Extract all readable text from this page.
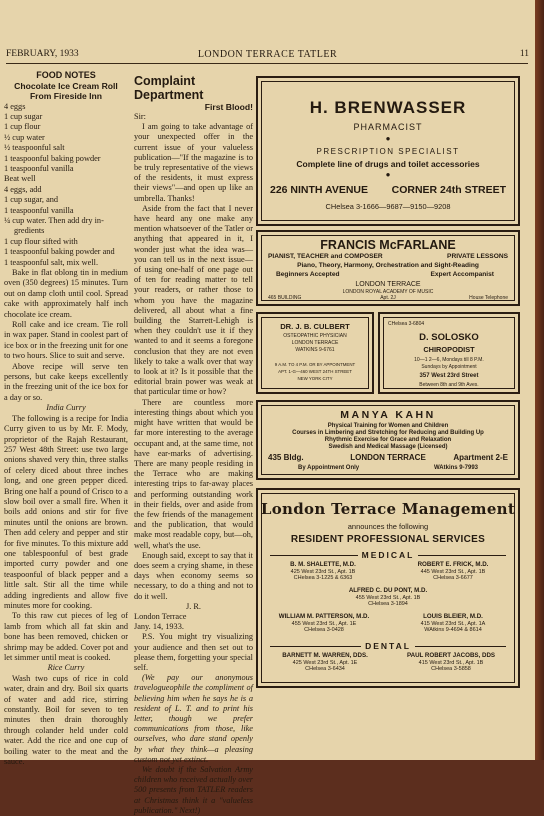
FEBRUARY, 1933	LONDON TERRACE TATLER	11
FOOD NOTES
Chocolate Ice Cream Roll From Fireside Inn
4 eggs
1 cup sugar
1 cup flour
½ cup water
½ teaspoonful salt
1 teaspoonful baking powder
1 teaspoonful vanilla
Beat well
4 eggs, add
1 cup sugar, and
1 teaspoonful vanilla
¼ cup water. Then add dry in-
gredients
1 cup flour sifted with
1 teaspoonful baking powder and
1 teaspoonful salt, mix well.

Bake in flat oblong tin in medium oven (350 degrees) 15 minutes. Turn out on damp cloth until cool. Spread cake with approximately half inch chocolate ice cream.

Roll cake and ice cream. Tie roll in wax paper. Stand in coolest part of ice box or in the freezing unit for one to two hours. Slice to suit and serve.

Above recipe will serve ten persons, but cake keeps excellently in the freezing unit of the ice box for a day or so.

India Curry

The following is a recipe for India Curry given to us by Mr. F. Mody, proprietor of the Rajah Restaurant, 257 West 48th Street: use two large onions shaved very thin, three stalks of celery diced about three inches long, and one green pepper diced. Bring one half a pound of Crisco to a slow boil over a small fire. When it boils add onions and stir for five minutes until the onions are brown. Then add celery and pepper and stir for five minutes. To this mixture add one tablespoonful of best grade imported curry powder and one teaspoonful of black pepper and a little salt. Stir all the time while adding ingredients and allow five minutes more for cooking.

To this raw cut pieces of leg of lamb from which all fat skin and bone has been removed, chicken or shrimp may be added. Cover pot and let simmer until meat is cooked.

Rice Curry

Wash two cups of rice in cold water, drain and dry. Boil six quarts of water and add rice, stirring constantly. Boil for seven to ten minutes then drain thoroughly through colander held under cold water. Add the rice and one cup of boiling water to the meat and the sauce.

Complaint Department
First Blood!
Sir:

I am going to take advantage of your unexpected offer in the current issue of your valueless publication—"If the magazine is to be truly representative of the views of the residents, it must express their views"—and open up like an umbrella. Thanks!

Aside from the fact that I never have heard any one make any mention whatsoever of the Tatler or anything that appeared in it, I wonder just what the idea was—you can tell us in the next issue—of using one-half of one page out of ten for reading matter to tell your readers, or rather those to whom you have the magazine delivered, all about what a fine building the Starrett-Lehigh is when they couldn't use it if they wanted to and it seems a foregone conclusion that they are not even likely to take a walk over that way to look at it? Is it possible that the editorial brain power was weak at that particular time or how?

There are countless more interesting things about which you might have written that would be far more interesting to the average occupant and, at the same time, not have ear-marks of advertising. There are many people residing in the Terrace who are making interesting trips to far-away places and performing outstanding work in their fields, over and aside from the few friends of the management and the publication, that would make most readable copy, but—oh, well, what's the use.

Enough said, except to say that it does seem a crying shame, in these days when economy seems so necessary, to do a thing and not to do it well.

J. R.
London Terrace
Jany. 14, 1933.

P.S. You might try visualizing your audience and then set out to please them, forgetting your special self.

(We pay our anonymous travelogueophile the compliment of believing him when he says he is a resident of L. T. and to print his letter, though we prefer communications from those, like ourselves, who dare stand openly by what they think—a pleasing custom not yet extinct.

We doubt if the Salvation Army children who received actually over 500 presents from TATLER readers at Christmas think it a "valueless publication." Next!)

H. BRENWASSER
PHARMACIST
●
PRESCRIPTION SPECIALIST
Complete line of drugs and toilet accessories
●
226 NINTH AVENUE CORNER 24th STREET
CHelsea 3-1666—9687—9150—9208
FRANCIS McFARLANE
PIANIST, TEACHER and COMPOSER	PRIVATE LESSONS
Piano, Theory, Harmony, Orchestration and Sight-Reading
Beginners Accepted	Expert Accompanist
LONDON TERRACE
LONDON ROYAL ACADEMY OF MUSIC
465 BUILDING	Apt. 2J	House Telephone
DR. J. B. CULBERT
OSTEOPATHIC PHYSICIAN
LONDON TERRACE
WATKINS 9-6761
9 A.M. TO 4 P.M. OR BY APPOINTMENT
APT. 1-G—460 WEST 24TH STREET
NEW YORK CITY
CHelsea 3-6804
D. SOLOSKO
CHIROPODIST
10—1 2—6, Mondays till 8 P.M.
Sundays by Appointment
357 West 23rd Street
Between 8th and 9th Aves.
MANYA KAHN
Physical Training for Women and Children
Courses in Limbering and Stretching for Reducing and Building Up
Rhythmic Exercise for Grace and Relaxation
Swedish and Medical Massage (Licensed)
435 Bldg.	LONDON TERRACE	Apartment 2-E
By Appointment Only	WAtkins 9-7993
London Terrace Management
announces the following
RESIDENT PROFESSIONAL SERVICES
MEDICAL
B. M. SHALETTE, M.D.
425 West 23rd St., Apt. 1B
CHelsea 3-1225 & 6363
ROBERT E. FRICK, M.D.
445 West 23rd St., Apt. 1B
CHelsea 3-6677
ALFRED C. DU PONT, M.D.
455 West 23rd St., Apt. 1B
CHelsea 3-1894
WILLIAM M. PATTERSON, M.D.
455 West 23rd St., Apt. 1E
CHelsea 3-0428
LOUIS BLEIER, M.D.
415 West 23rd St., Apt. 1A
WAtkins 9-4694 & 8614
DENTAL
BARNETT M. WARREN, DDS.
425 West 23rd St., Apt. 1E
CHelsea 3-6434
PAUL ROBERT JACOBS, DDS
415 West 23rd St., Apt. 1B
CHelsea 3-5858
